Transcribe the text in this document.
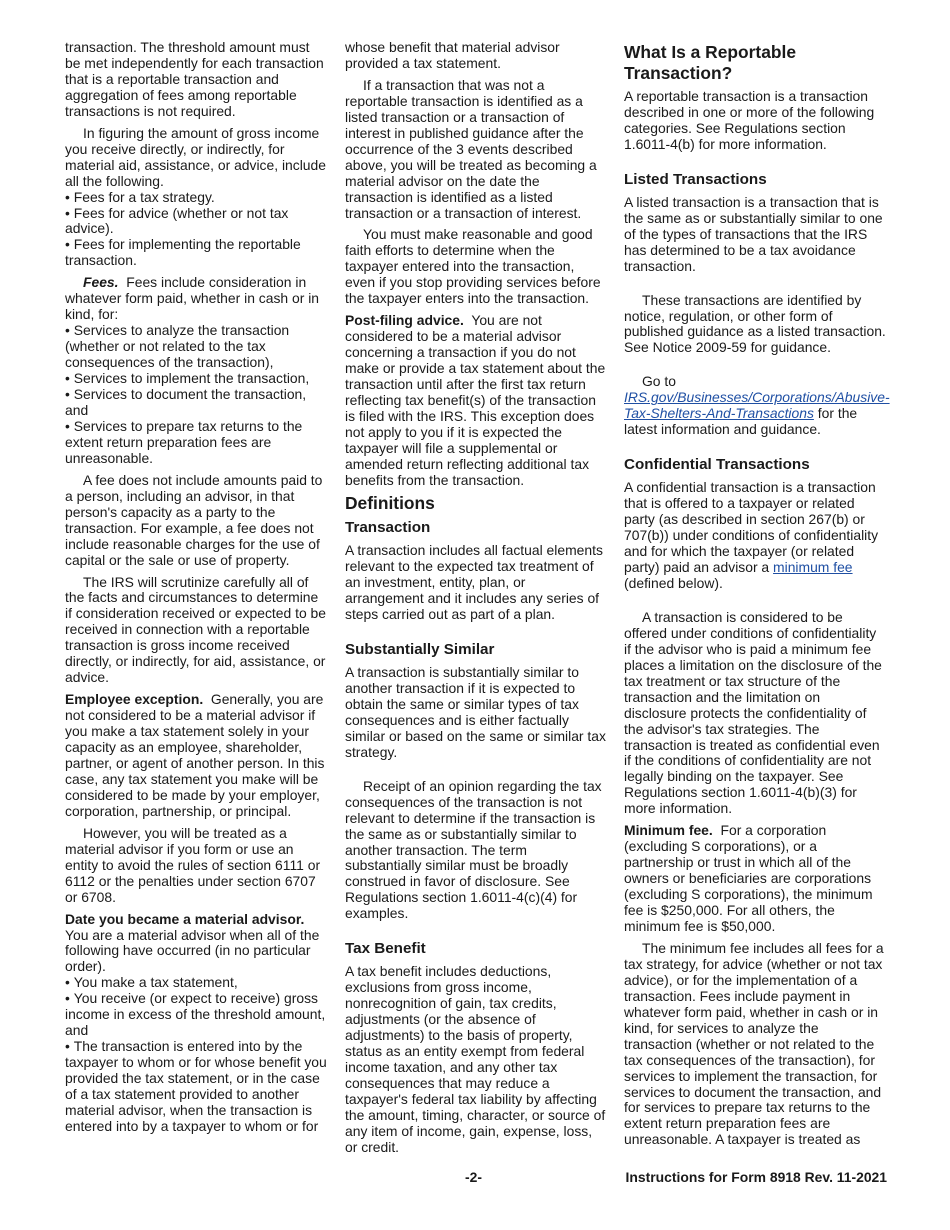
transaction. The threshold amount must be met independently for each transaction that is a reportable transaction and aggregation of fees among reportable transactions is not required.

In figuring the amount of gross income you receive directly, or indirectly, for material aid, assistance, or advice, include all the following.

• Fees for a tax strategy.

• Fees for advice (whether or not tax advice).

• Fees for implementing the reportable transaction.

Fees. Fees include consideration in whatever form paid, whether in cash or in kind, for:

• Services to analyze the transaction (whether or not related to the tax consequences of the transaction),

• Services to implement the transaction,

• Services to document the transaction, and

• Services to prepare tax returns to the extent return preparation fees are unreasonable.

A fee does not include amounts paid to a person, including an advisor, in that person's capacity as a party to the transaction. For example, a fee does not include reasonable charges for the use of capital or the sale or use of property.

The IRS will scrutinize carefully all of the facts and circumstances to determine if consideration received or expected to be received in connection with a reportable transaction is gross income received directly, or indirectly, for aid, assistance, or advice.

Employee exception. Generally, you are not considered to be a material advisor if you make a tax statement solely in your capacity as an employee, shareholder, partner, or agent of another person. In this case, any tax statement you make will be considered to be made by your employer, corporation, partnership, or principal.

However, you will be treated as a material advisor if you form or use an entity to avoid the rules of section 6111 or 6112 or the penalties under section 6707 or 6708.

Date you became a material advisor. You are a material advisor when all of the following have occurred (in no particular order).

• You make a tax statement,

• You receive (or expect to receive) gross income in excess of the threshold amount, and

• The transaction is entered into by the taxpayer to whom or for whose benefit you provided the tax statement, or in the case of a tax statement provided to another material advisor, when the transaction is entered into by a taxpayer to whom or for

whose benefit that material advisor provided a tax statement.

If a transaction that was not a reportable transaction is identified as a listed transaction or a transaction of interest in published guidance after the occurrence of the 3 events described above, you will be treated as becoming a material advisor on the date the transaction is identified as a listed transaction or a transaction of interest.

You must make reasonable and good faith efforts to determine when the taxpayer entered into the transaction, even if you stop providing services before the taxpayer enters into the transaction.

Post-filing advice. You are not considered to be a material advisor concerning a transaction if you do not make or provide a tax statement about the transaction until after the first tax return reflecting tax benefit(s) of the transaction is filed with the IRS. This exception does not apply to you if it is expected the taxpayer will file a supplemental or amended return reflecting additional tax benefits from the transaction.

Definitions
Transaction

A transaction includes all factual elements relevant to the expected tax treatment of an investment, entity, plan, or arrangement and it includes any series of steps carried out as part of a plan.

Substantially Similar

A transaction is substantially similar to another transaction if it is expected to obtain the same or similar types of tax consequences and is either factually similar or based on the same or similar tax strategy.

Receipt of an opinion regarding the tax consequences of the transaction is not relevant to determine if the transaction is the same as or substantially similar to another transaction. The term substantially similar must be broadly construed in favor of disclosure. See Regulations section 1.6011-4(c)(4) for examples.

Tax Benefit

A tax benefit includes deductions, exclusions from gross income, nonrecognition of gain, tax credits, adjustments (or the absence of adjustments) to the basis of property, status as an entity exempt from federal income taxation, and any other tax consequences that may reduce a taxpayer's federal tax liability by affecting the amount, timing, character, or source of any item of income, gain, expense, loss, or credit.

What Is a Reportable Transaction?

A reportable transaction is a transaction described in one or more of the following categories. See Regulations section 1.6011-4(b) for more information.

Listed Transactions

A listed transaction is a transaction that is the same as or substantially similar to one of the types of transactions that the IRS has determined to be a tax avoidance transaction.

These transactions are identified by notice, regulation, or other form of published guidance as a listed transaction. See Notice 2009-59 for guidance.

Go to IRS.gov/Businesses/Corporations/Abusive-Tax-Shelters-And-Transactions for the latest information and guidance.

Confidential Transactions

A confidential transaction is a transaction that is offered to a taxpayer or related party (as described in section 267(b) or 707(b)) under conditions of confidentiality and for which the taxpayer (or related party) paid an advisor a minimum fee (defined below).

A transaction is considered to be offered under conditions of confidentiality if the advisor who is paid a minimum fee places a limitation on the disclosure of the tax treatment or tax structure of the transaction and the limitation on disclosure protects the confidentiality of the advisor's tax strategies. The transaction is treated as confidential even if the conditions of confidentiality are not legally binding on the taxpayer. See Regulations section 1.6011-4(b)(3) for more information.

Minimum fee. For a corporation (excluding S corporations), or a partnership or trust in which all of the owners or beneficiaries are corporations (excluding S corporations), the minimum fee is $250,000. For all others, the minimum fee is $50,000.

The minimum fee includes all fees for a tax strategy, for advice (whether or not tax advice), or for the implementation of a transaction. Fees include payment in whatever form paid, whether in cash or in kind, for services to analyze the transaction (whether or not related to the tax consequences of the transaction), for services to implement the transaction, for services to document the transaction, and for services to prepare tax returns to the extent return preparation fees are unreasonable. A taxpayer is treated as

-2-	Instructions for Form 8918 Rev. 11-2021
